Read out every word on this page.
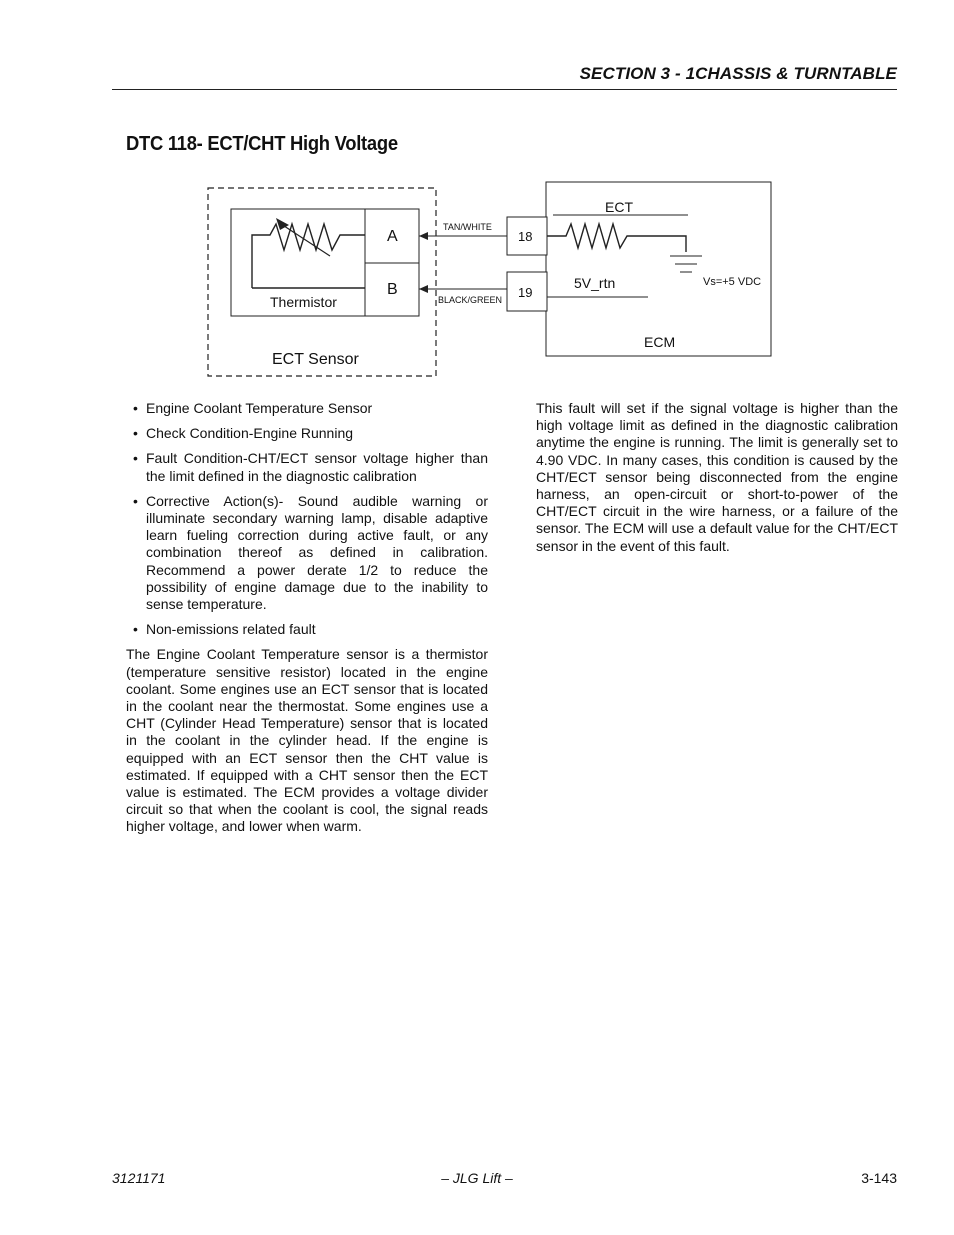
SECTION 3 - 1CHASSIS & TURNTABLE
DTC 118- ECT/CHT High Voltage
A
B
Thermistor
ECT Sensor
TAN/WHITE
BLACK/GREEN
18
19
ECT
5V_rtn	Vs=+5 VDC
ECM
• Engine Coolant Temperature Sensor
• Check Condition-Engine Running
• Fault Condition-CHT/ECT sensor voltage higher than the limit defined in the diagnostic calibration
• Corrective Action(s)- Sound audible warning or illuminate secondary warning lamp, disable adaptive learn fueling correction during active fault, or any combination thereof as defined in calibration. Recommend a power derate 1/2 to reduce the possibility of engine damage due to the inability to sense temperature.
• Non-emissions related fault

The Engine Coolant Temperature sensor is a thermistor (temperature sensitive resistor) located in the engine coolant. Some engines use an ECT sensor that is located in the coolant near the thermostat. Some engines use a CHT (Cylinder Head Temperature) sensor that is located in the coolant in the cylinder head. If the engine is equipped with an ECT sensor then the CHT value is estimated. If equipped with a CHT sensor then the ECT value is estimated. The ECM provides a voltage divider circuit so that when the coolant is cool, the signal reads higher voltage, and lower when warm.

This fault will set if the signal voltage is higher than the high voltage limit as defined in the diagnostic calibration anytime the engine is running. The limit is generally set to 4.90 VDC. In many cases, this condition is caused by the CHT/ECT sensor being disconnected from the engine harness, an open-circuit or short-to-power of the CHT/ECT circuit in the wire harness, or a failure of the sensor. The ECM will use a default value for the CHT/ECT sensor in the event of this fault.

3121171	– JLG Lift –	3-143
